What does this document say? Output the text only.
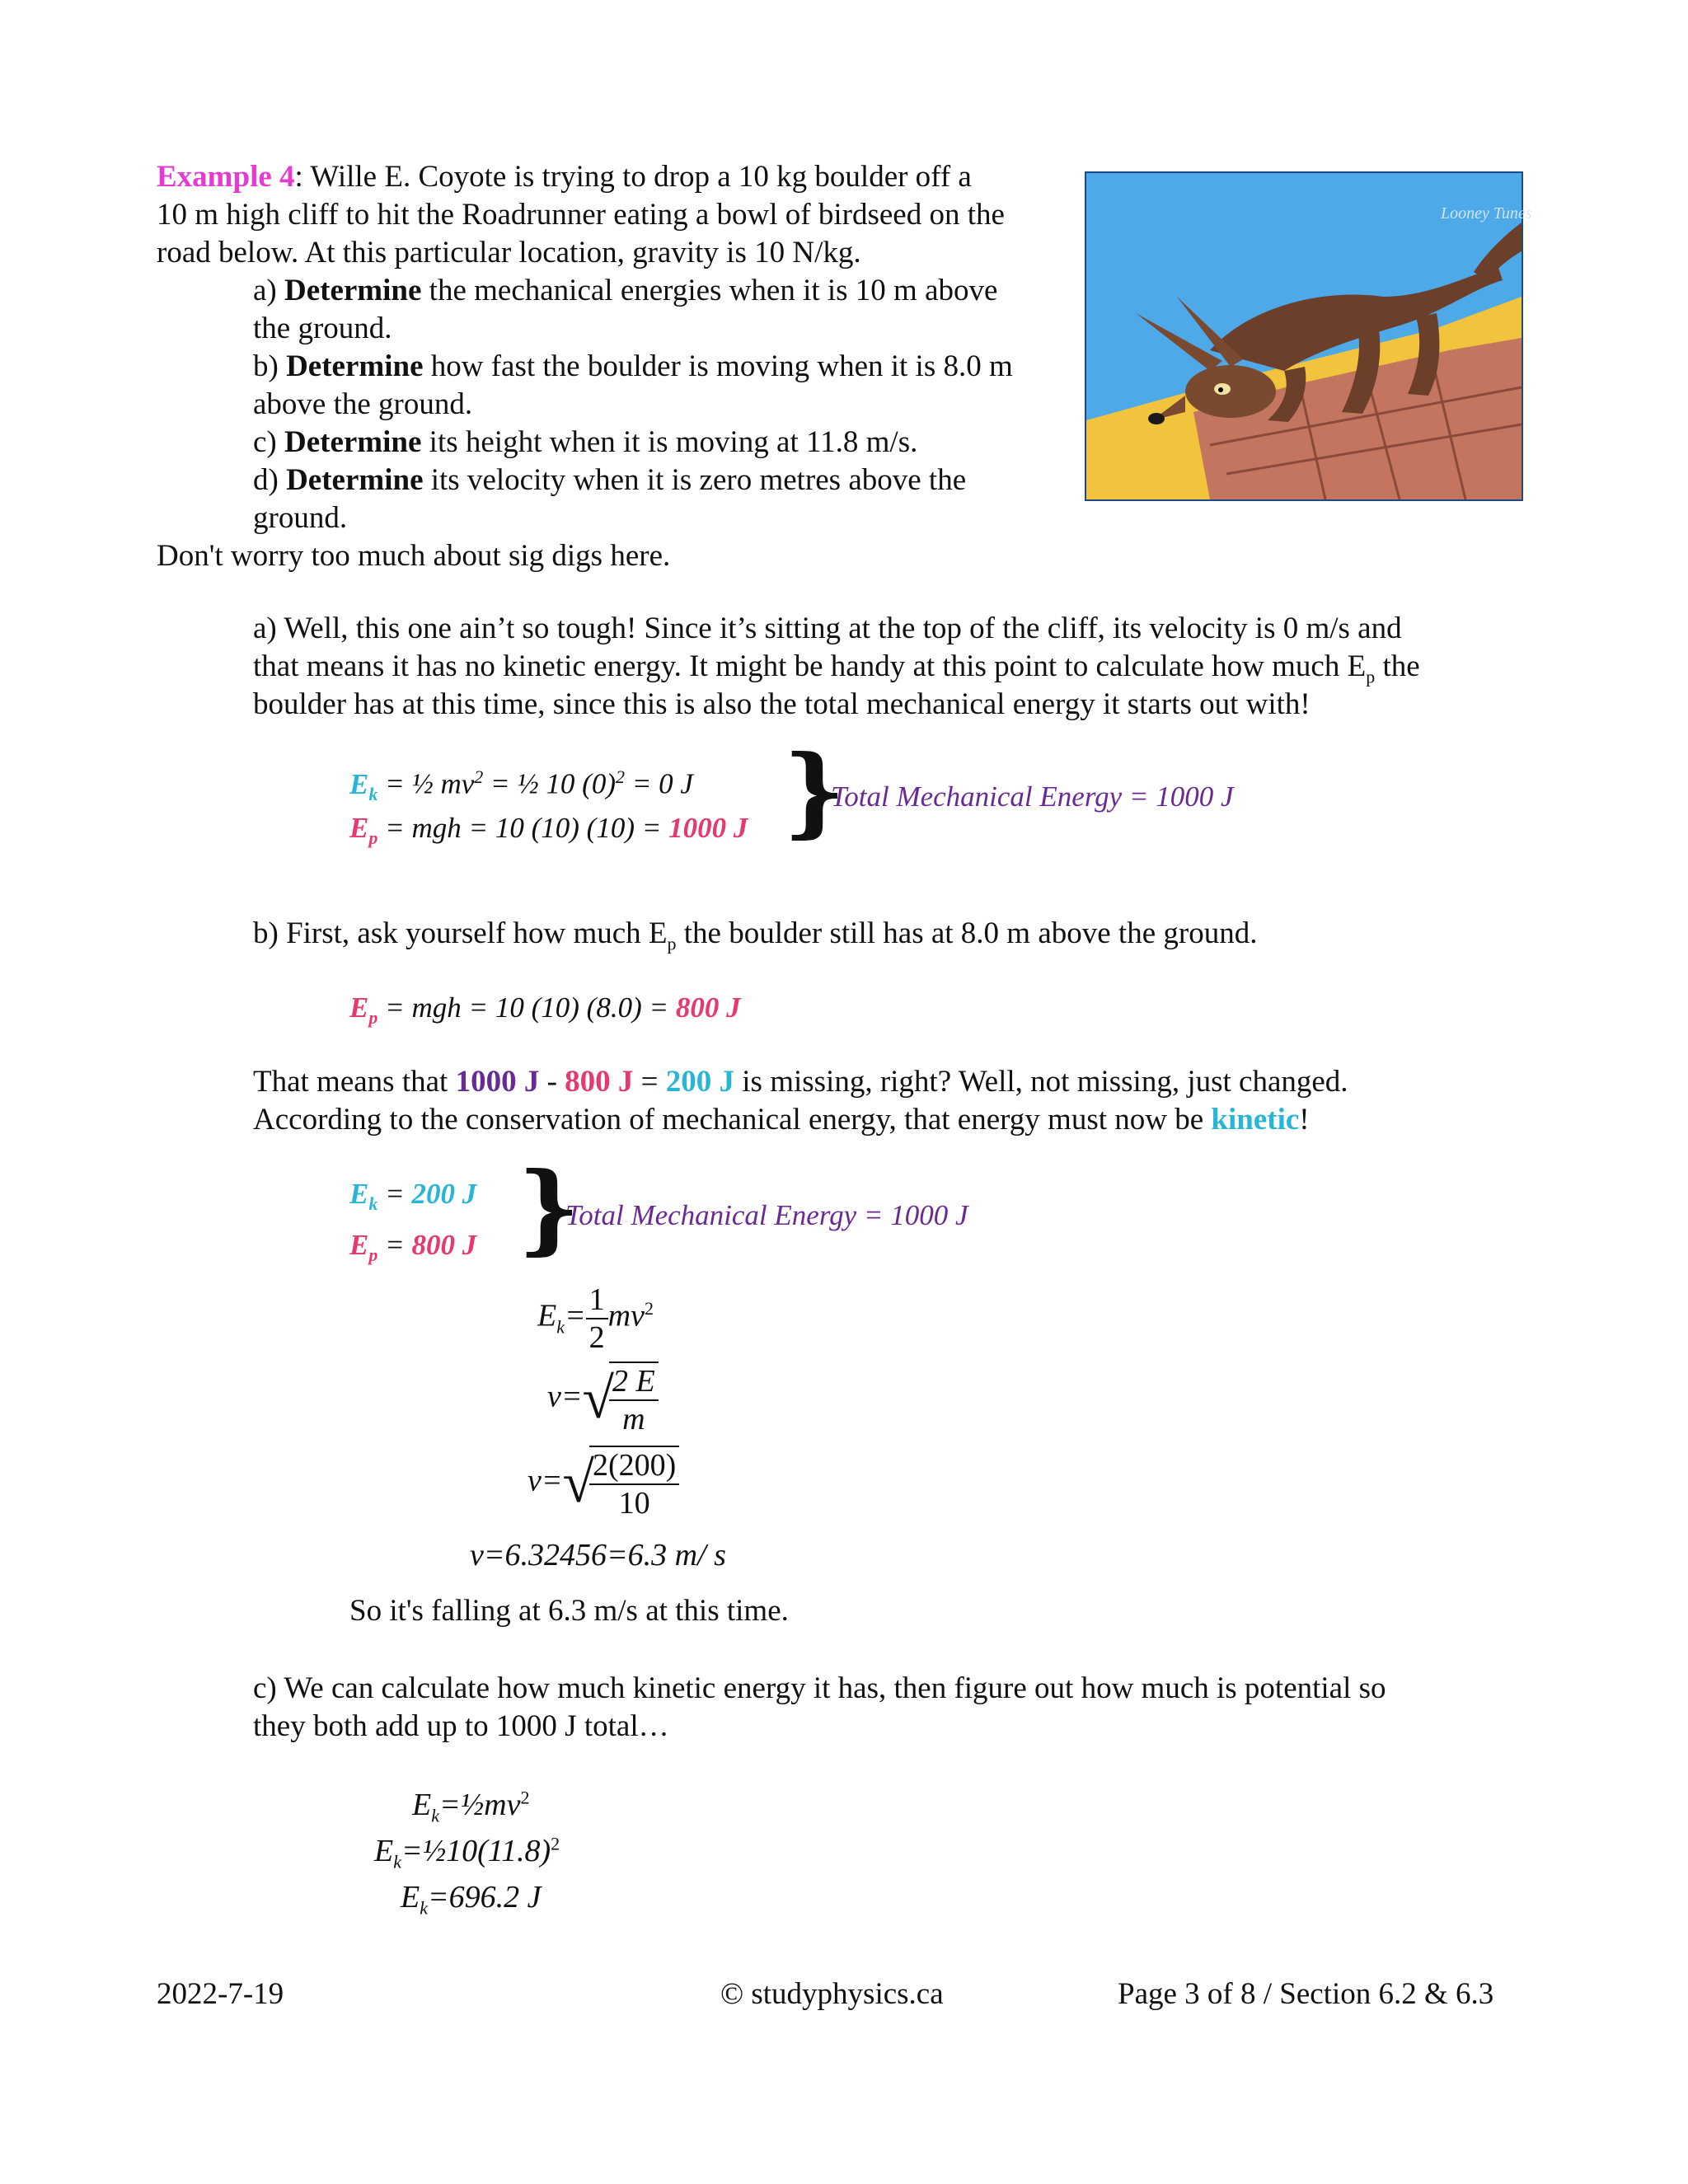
Example 4: Wille E. Coyote is trying to drop a 10 kg boulder off a
10 m high cliff to hit the Roadrunner eating a bowl of birdseed on the
road below. At this particular location, gravity is 10 N/kg.
a) Determine the mechanical energies when it is 10 m above
the ground.
b) Determine how fast the boulder is moving when it is 8.0 m
above the ground.
c) Determine its height when it is moving at 11.8 m/s.
d) Determine its velocity when it is zero metres above the
ground.
Don't worry too much about sig digs here.
Looney Tunes
a) Well, this one ain’t so tough! Since it’s sitting at the top of the cliff, its velocity is 0 m/s and
that means it has no kinetic energy. It might be handy at this point to calculate how much $E_p$ the
boulder has at this time, since this is also the total mechanical energy it starts out with!
$E_k$ = ½ $mv^2$ = ½ 10 $(0)^2 = 0$ J
$E_p$ = mgh = 10 (10) (10) = 1000 J }
Total Mechanical Energy = 1000 J
b) First, ask yourself how much $E_p$ the boulder still has at 8.0 m above the ground.
$E_p$ = mgh = 10 (10) (8.0) = 800 J
That means that 1000 J - 800 J = 200 J is missing, right? Well, not missing, just changed.
According to the conservation of mechanical energy, that energy must now be kinetic!
$E_k = 200$ J
$E_p = 800$ J }
Total Mechanical Energy = 1000 J
$E_k= \frac{1}{2} mv^2$
v=√
$\frac{2 E}{m}$
v=√
$\frac{2(200)}{10}$
v=6.32456=6.3 m/ s
So it's falling at 6.3 m/s at this time.
c) We can calculate how much kinetic energy it has, then figure out how much is potential so
they both add up to 1000 J total…
$E_k=\frac{1}{2}mv^2$
$E_k=\frac{1}{2}10(11.8)^2$
$E_k=696.2$ J
2022-7-19	© studyphysics.ca	Page 3 of 8 / Section 6.2 & 6.3
